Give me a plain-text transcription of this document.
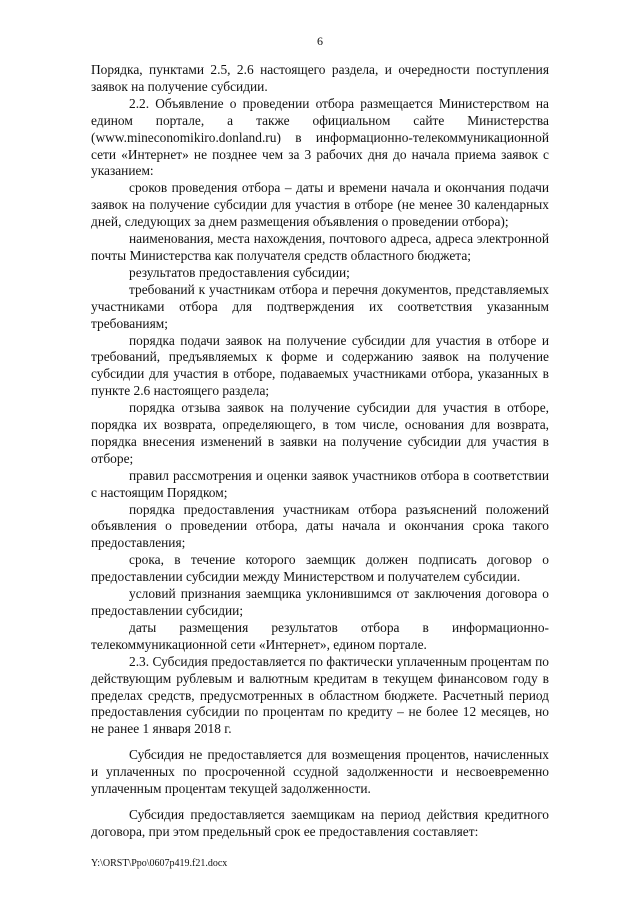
6

Порядка, пунктами 2.5, 2.6 настоящего раздела, и очередности поступления заявок на получение субсидии.

2.2. Объявление о проведении отбора размещается Министерством на едином портале, а также официальном сайте Министерства (www.mineconomikiro.donland.ru) в информационно-телекоммуникационной сети «Интернет» не позднее чем за 3 рабочих дня до начала приема заявок с указанием:

сроков проведения отбора – даты и времени начала и окончания подачи заявок на получение субсидии для участия в отборе (не менее 30 календарных дней, следующих за днем размещения объявления о проведении отбора);

наименования, места нахождения, почтового адреса, адреса электронной почты Министерства как получателя средств областного бюджета;

результатов предоставления субсидии;

требований к участникам отбора и перечня документов, представляемых участниками отбора для подтверждения их соответствия указанным требованиям;

порядка подачи заявок на получение субсидии для участия в отборе и требований, предъявляемых к форме и содержанию заявок на получение субсидии для участия в отборе, подаваемых участниками отбора, указанных в пункте 2.6 настоящего раздела;

порядка отзыва заявок на получение субсидии для участия в отборе, порядка их возврата, определяющего, в том числе, основания для возврата, порядка внесения изменений в заявки на получение субсидии для участия в отборе;

правил рассмотрения и оценки заявок участников отбора в соответствии с настоящим Порядком;

порядка предоставления участникам отбора разъяснений положений объявления о проведении отбора, даты начала и окончания срока такого предоставления;

срока, в течение которого заемщик должен подписать договор о предоставлении субсидии между Министерством и получателем субсидии.

условий признания заемщика уклонившимся от заключения договора о предоставлении субсидии;

даты размещения результатов отбора в информационно-телекоммуникационной сети «Интернет», едином портале.

2.3. Субсидия предоставляется по фактически уплаченным процентам по действующим рублевым и валютным кредитам в текущем финансовом году в пределах средств, предусмотренных в областном бюджете. Расчетный период предоставления субсидии по процентам по кредиту – не более 12 месяцев, но не ранее 1 января 2018 г.

Субсидия не предоставляется для возмещения процентов, начисленных и уплаченных по просроченной ссудной задолженности и несвоевременно уплаченным процентам текущей задолженности.

Субсидия предоставляется заемщикам на период действия кредитного договора, при этом предельный срок ее предоставления составляет:

Y:\ORST\Ppo\0607p419.f21.docx
